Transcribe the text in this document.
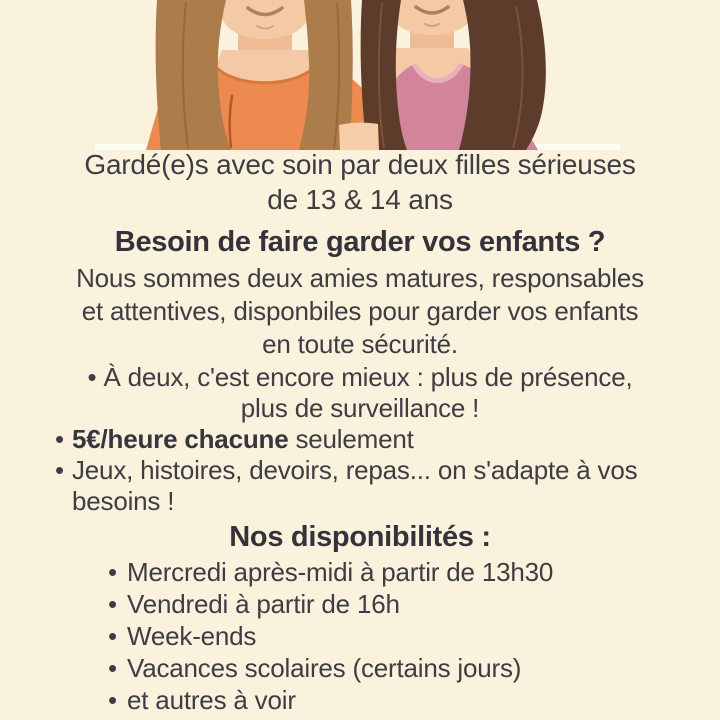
Gardé(e)s avec soin par deux filles sérieuses
de 13 & 14 ans
Besoin de faire garder vos enfants ?
Nous sommes deux amies matures, responsables
et attentives, disponbiles pour garder vos enfants
en toute sécurité.
• À deux, c'est encore mieux : plus de présence,
plus de surveillance !
• 5€/heure chacune seulement
• Jeux, histoires, devoirs, repas... on s'adapte à vos
besoins !
Nos disponibilités :
• Mercredi après-midi à partir de 13h30
• Vendredi à partir de 16h
• Week-ends
• Vacances scolaires (certains jours)
• et autres à voir
